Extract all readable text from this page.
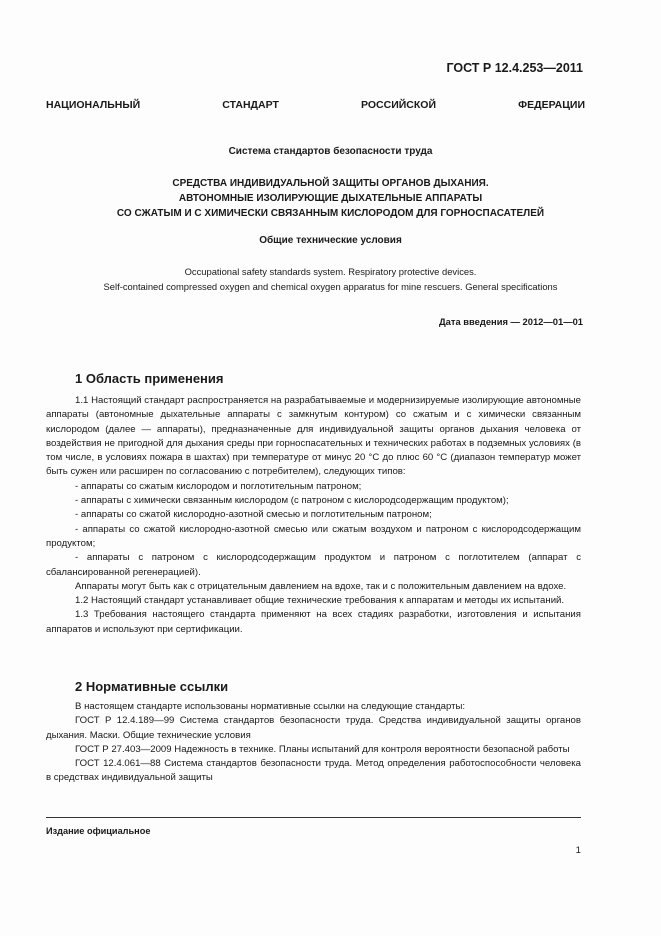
ГОСТ Р 12.4.253—2011
НАЦИОНАЛЬНЫЙ СТАНДАРТ РОССИЙСКОЙ ФЕДЕРАЦИИ
Система стандартов безопасности труда
СРЕДСТВА ИНДИВИДУАЛЬНОЙ ЗАЩИТЫ ОРГАНОВ ДЫХАНИЯ.
АВТОНОМНЫЕ ИЗОЛИРУЮЩИЕ ДЫХАТЕЛЬНЫЕ АППАРАТЫ
СО СЖАТЫМ И С ХИМИЧЕСКИ СВЯЗАННЫМ КИСЛОРОДОМ ДЛЯ ГОРНОСПАСАТЕЛЕЙ
Общие технические условия
Occupational safety standards system. Respiratory protective devices.
Self-contained compressed oxygen and chemical oxygen apparatus for mine rescuers. General specifications
Дата введения — 2012—01—01
1 Область применения

1.1 Настоящий стандарт распространяется на разрабатываемые и модернизируемые изолирующие автономные аппараты (автономные дыхательные аппараты с замкнутым контуром) со сжатым и с химически связанным кислородом (далее — аппараты), предназначенные для индивидуальной защиты органов дыхания человека от воздействия не пригодной для дыхания среды при горноспасательных и технических работах в подземных условиях (в том числе, в условиях пожара в шахтах) при температуре от минус 20 °С до плюс 60 °С (диапазон температур может быть сужен или расширен по согласованию с потребителем), следующих типов:

- аппараты со сжатым кислородом и поглотительным патроном;

- аппараты с химически связанным кислородом (с патроном с кислородсодержащим продуктом);

- аппараты со сжатой кислородно-азотной смесью и поглотительным патроном;

- аппараты со сжатой кислородно-азотной смесью или сжатым воздухом и патроном с кислородсодержащим продуктом;

- аппараты с патроном с кислородсодержащим продуктом и патроном с поглотителем (аппарат с сбалансированной регенерацией).

Аппараты могут быть как с отрицательным давлением на вдохе, так и с положительным давлением на вдохе.

1.2 Настоящий стандарт устанавливает общие технические требования к аппаратам и методы их испытаний.

1.3 Требования настоящего стандарта применяют на всех стадиях разработки, изготовления и испытания аппаратов и используют при сертификации.

2 Нормативные ссылки

В настоящем стандарте использованы нормативные ссылки на следующие стандарты:

ГОСТ Р 12.4.189—99 Система стандартов безопасности труда. Средства индивидуальной защиты органов дыхания. Маски. Общие технические условия

ГОСТ Р 27.403—2009 Надежность в технике. Планы испытаний для контроля вероятности безопасной работы

ГОСТ 12.4.061—88 Система стандартов безопасности труда. Метод определения работоспособности человека в средствах индивидуальной защиты

Издание официальное
1
